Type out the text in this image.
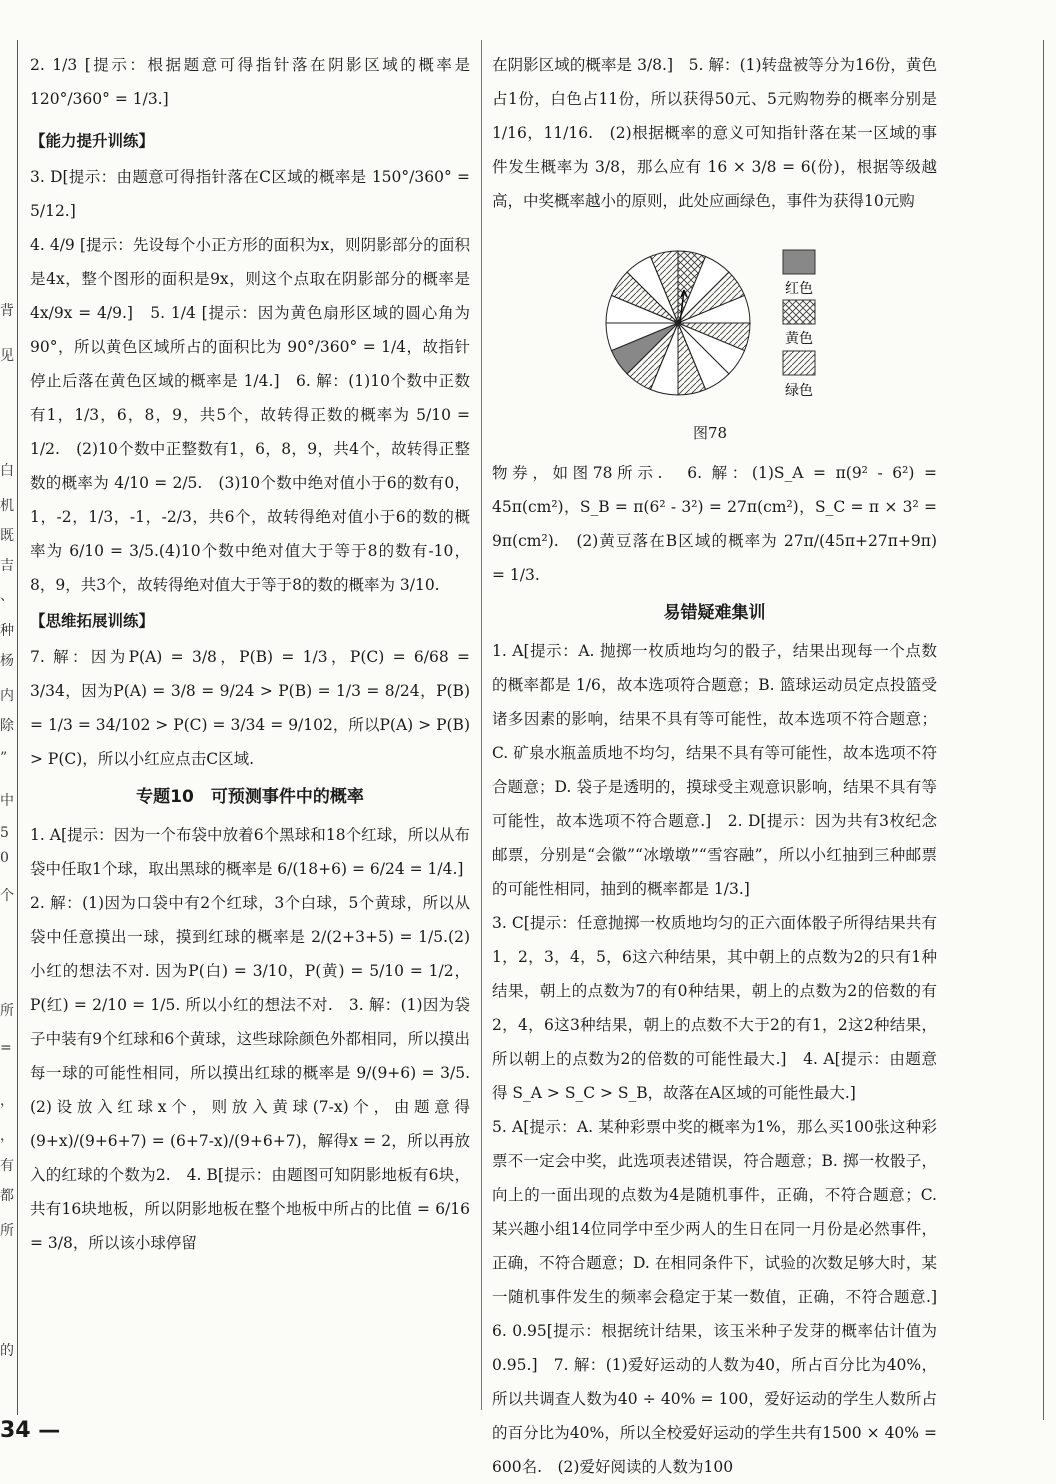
背
见
白
机
既
吉
、
种
杨
内
除
”
中
5
0
个
所
=
，
，
有
都
所
的

2. 1/3 [提示：根据题意可得指针落在阴影区域的概率是 120°/360° = 1/3.]

【能力提升训练】

3. D[提示：由题意可得指针落在C区域的概率是 150°/360° = 5/12.]

4. 4/9 [提示：先设每个小正方形的面积为x，则阴影部分的面积是4x，整个图形的面积是9x，则这个点取在阴影部分的概率是 4x/9x = 4/9.]　5. 1/4 [提示：因为黄色扇形区域的圆心角为90°，所以黄色区域所占的面积比为 90°/360° = 1/4，故指针停止后落在黄色区域的概率是 1/4.]　6. 解：(1)10个数中正数有1，1/3，6，8，9，共5个，故转得正数的概率为 5/10 = 1/2.　(2)10个数中正整数有1，6，8，9，共4个，故转得正整数的概率为 4/10 = 2/5.　(3)10个数中绝对值小于6的数有0，1，-2，1/3，-1，-2/3，共6个，故转得绝对值小于6的数的概率为 6/10 = 3/5.(4)10个数中绝对值大于等于8的数有-10，8，9，共3个，故转得绝对值大于等于8的数的概率为 3/10.

【思维拓展训练】

7. 解：因为P(A) = 3/8，P(B) = 1/3，P(C) = 6/68 = 3/34，因为P(A) = 3/8 = 9/24 > P(B) = 1/3 = 8/24，P(B) = 1/3 = 34/102 > P(C) = 3/34 = 9/102，所以P(A) > P(B) > P(C)，所以小红应点击C区域.

专题10　可预测事件中的概率

1. A[提示：因为一个布袋中放着6个黑球和18个红球，所以从布袋中任取1个球，取出黑球的概率是 6/(18+6) = 6/24 = 1/4.]

2. 解：(1)因为口袋中有2个红球，3个白球，5个黄球，所以从袋中任意摸出一球，摸到红球的概率是 2/(2+3+5) = 1/5.(2)小红的想法不对. 因为P(白) = 3/10，P(黄) = 5/10 = 1/2，P(红) = 2/10 = 1/5. 所以小红的想法不对.　3. 解：(1)因为袋子中装有9个红球和6个黄球，这些球除颜色外都相同，所以摸出每一球的可能性相同，所以摸出红球的概率是 9/(9+6) = 3/5.(2)设放入红球x个，则放入黄球(7-x)个，由题意得 (9+x)/(9+6+7) = (6+7-x)/(9+6+7)，解得x = 2，所以再放入的红球的个数为2.　4. B[提示：由题图可知阴影地板有6块，共有16块地板，所以阴影地板在整个地板中所占的比值 = 6/16 = 3/8，所以该小球停留

在阴影区域的概率是 3/8.]　5. 解：(1)转盘被等分为16份，黄色占1份，白色占11份，所以获得50元、5元购物券的概率分别是 1/16，11/16.　(2)根据概率的意义可知指针落在某一区域的事件发生概率为 3/8，那么应有 16 × 3/8 = 6(份)，根据等级越高，中奖概率越小的原则，此处应画绿色，事件为获得10元购

物券，如图78所示.　6. 解：(1)S_A = π(9² - 6²) = 45π(cm²)，S_B = π(6² - 3²) = 27π(cm²)，S_C = π × 3² = 9π(cm²).　(2)黄豆落在B区域的概率为 27π/(45π+27π+9π) = 1/3.

易错疑难集训

1. A[提示：A. 抛掷一枚质地均匀的骰子，结果出现每一个点数的概率都是 1/6，故本选项符合题意；B. 篮球运动员定点投篮受诸多因素的影响，结果不具有等可能性，故本选项不符合题意；C. 矿泉水瓶盖质地不均匀，结果不具有等可能性，故本选项不符合题意；D. 袋子是透明的，摸球受主观意识影响，结果不具有等可能性，故本选项不符合题意.]　2. D[提示：因为共有3枚纪念邮票，分别是“会徽”“冰墩墩”“雪容融”，所以小红抽到三种邮票的可能性相同，抽到的概率都是 1/3.]

3. C[提示：任意抛掷一枚质地均匀的正六面体骰子所得结果共有1，2，3，4，5，6这六种结果，其中朝上的点数为2的只有1种结果，朝上的点数为7的有0种结果，朝上的点数为2的倍数的有2，4，6这3种结果，朝上的点数不大于2的有1，2这2种结果，所以朝上的点数为2的倍数的可能性最大.]　4. A[提示：由题意得 S_A > S_C > S_B，故落在A区域的可能性最大.]

5. A[提示：A. 某种彩票中奖的概率为1%，那么买100张这种彩票不一定会中奖，此选项表述错误，符合题意；B. 掷一枚骰子，向上的一面出现的点数为4是随机事件，正确，不符合题意；C. 某兴趣小组14位同学中至少两人的生日在同一月份是必然事件，正确，不符合题意；D. 在相同条件下，试验的次数足够大时，某一随机事件发生的频率会稳定于某一数值，正确，不符合题意.]　6. 0.95[提示：根据统计结果，该玉米种子发芽的概率估计值为0.95.]　7. 解：(1)爱好运动的人数为40，所占百分比为40%，所以共调查人数为40 ÷ 40% = 100，爱好运动的学生人数所占的百分比为40%，所以全校爱好运动的学生共有1500 × 40% = 600名.　(2)爱好阅读的人数为100

红色
黄色
绿色
图78
34 —
